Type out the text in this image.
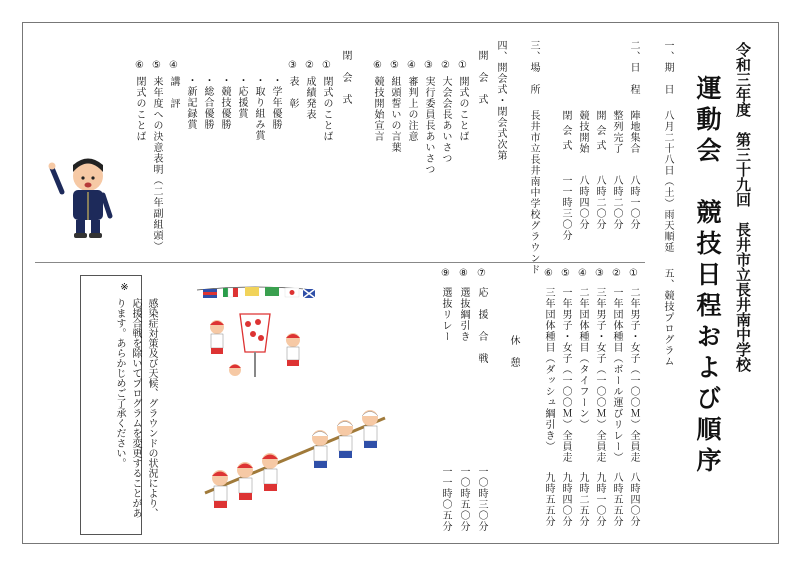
令和三年度　第三十九回　長井市立長井南中学校
運動会　競技日程および順序
一、期　日
八月二十八日（土）雨天順延
二、日　程
陣地集合
八時一〇分
整列完了
八時二〇分
開 会 式
八時二〇分
競技開始
八時四〇分
閉 会 式
一一時三〇分
三、場　所
長井市立長井南中学校グラウンド
四、開会式・閉会式次第
開　会　式
① 開式のことば
② 大会会長あいさつ
③ 実行委員長あいさつ
④ 審判上の注意
⑤ 組頭誓いの言葉
⑥ 競技開始宣言
閉　会　式
① 閉式のことば
② 成績発表
③ 表　彰
・学年優勝
・取り組み賞
・応援賞
・競技優勝
・総合優勝
・新記録賞
④ 講　評
⑤ 来年度への決意表明（二年副組頭）
⑥ 閉式のことば
五、競技プログラム
①
二年男子・女子（一〇〇Ｍ）全員走
八時四〇分
②
一年団体種目（ボール運びリレー）
八時五五分
③
三年男子・女子（一〇〇Ｍ）全員走
九時一〇分
④
二年団体種目（タイフーン）
九時二五分
⑤
一年男子・女子（一〇〇Ｍ）全員走
九時四〇分
⑥
三年団体種目（ダッシュ綱引き）
九時五五分
休　憩
⑦
応　援　合　戦
一〇時三〇分
⑧
選抜綱引き
一〇時五〇分
⑨
選抜リレー
一一時〇五分
※
感染症対策及び天候、グラウンドの状況により、応援合戦を除いてプログラムを変更することがあります。あらかじめご了承ください。
